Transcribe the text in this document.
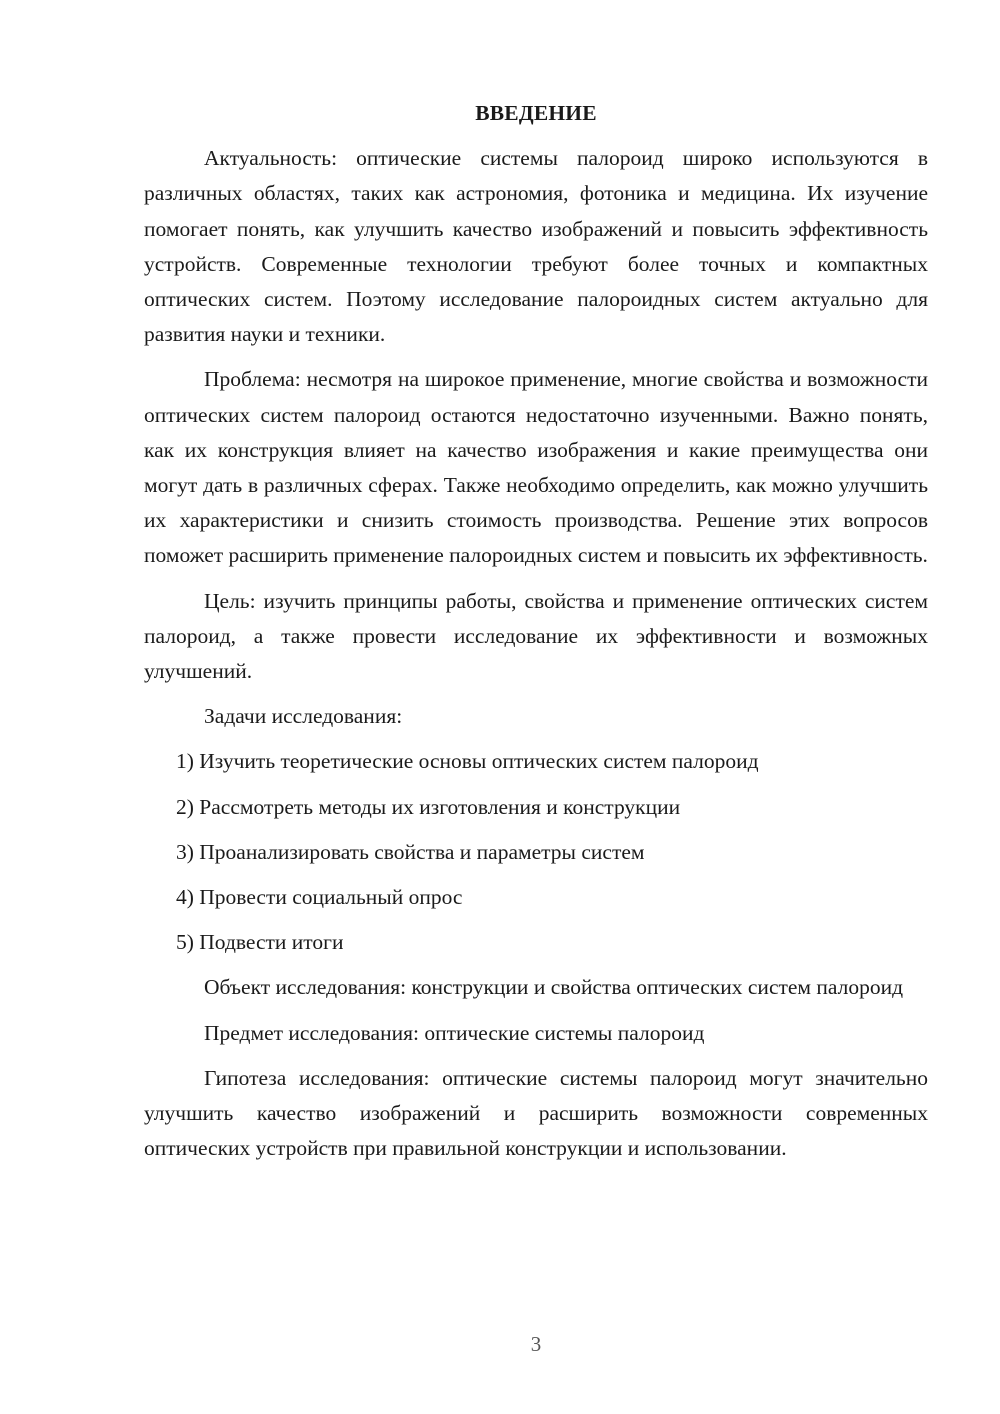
ВВЕДЕНИЕ

Актуальность: оптические системы палороид широко используются в различных областях, таких как астрономия, фотоника и медицина. Их изучение помогает понять, как улучшить качество изображений и повысить эффективность устройств. Современные технологии требуют более точных и компактных оптических систем. Поэтому исследование палороидных систем актуально для развития науки и техники.

Проблема: несмотря на широкое применение, многие свойства и возможности оптических систем палороид остаются недостаточно изученными. Важно понять, как их конструкция влияет на качество изображения и какие преимущества они могут дать в различных сферах. Также необходимо определить, как можно улучшить их характеристики и снизить стоимость производства. Решение этих вопросов поможет расширить применение палороидных систем и повысить их эффективность.

Цель: изучить принципы работы, свойства и применение оптических систем палороид, а также провести исследование их эффективности и возможных улучшений.

Задачи исследования:

1) Изучить теоретические основы оптических систем палороид
2) Рассмотреть методы их изготовления и конструкции
3) Проанализировать свойства и параметры систем
4) Провести социальный опрос
5) Подвести итоги

Объект исследования: конструкции и свойства оптических систем палороид

Предмет исследования: оптические системы палороид

Гипотеза исследования: оптические системы палороид могут значительно улучшить качество изображений и расширить возможности современных оптических устройств при правильной конструкции и использовании.

3
